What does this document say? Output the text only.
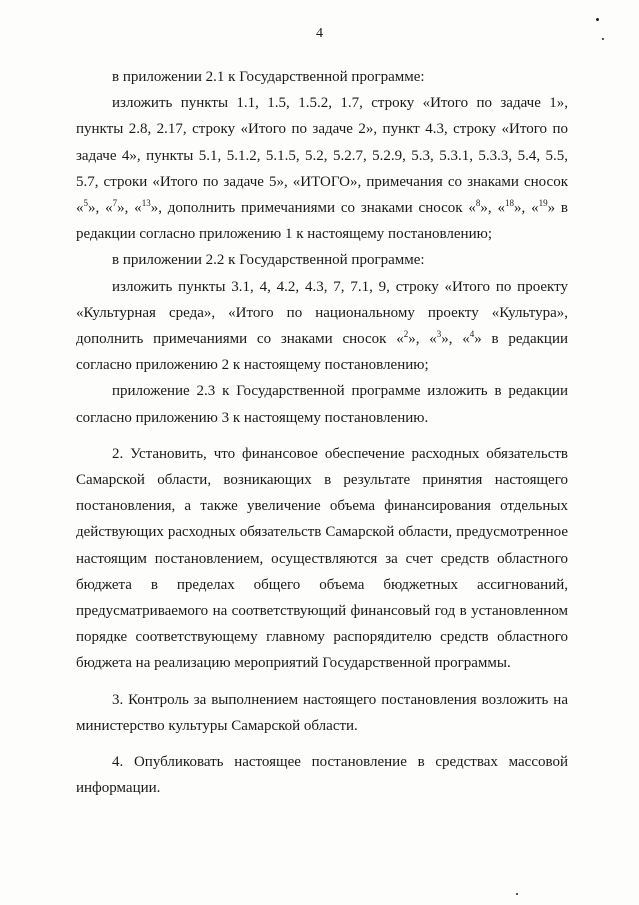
4

в приложении 2.1 к Государственной программе:

изложить пункты 1.1, 1.5, 1.5.2, 1.7, строку «Итого по задаче 1», пункты 2.8, 2.17, строку «Итого по задаче 2», пункт 4.3, строку «Итого по задаче 4», пункты 5.1, 5.1.2, 5.1.5, 5.2, 5.2.7, 5.2.9, 5.3, 5.3.1, 5.3.3, 5.4, 5.5, 5.7, строки «Итого по задаче 5», «ИТОГО», примечания со знаками сносок «$^5$», «$^7$», «$^{13}$», дополнить примечаниями со знаками сносок «$^8$», «$^{18}$», «$^{19}$» в редакции согласно приложению 1 к настоящему постановлению;

в приложении 2.2 к Государственной программе:

изложить пункты 3.1, 4, 4.2, 4.3, 7, 7.1, 9, строку «Итого по проекту «Культурная среда», «Итого по национальному проекту «Культура», дополнить примечаниями со знаками сносок «$^2$», «$^3$», «$^4$» в редакции согласно приложению 2 к настоящему постановлению;

приложение 2.3 к Государственной программе изложить в редакции согласно приложению 3 к настоящему постановлению.

2. Установить, что финансовое обеспечение расходных обязательств Самарской области, возникающих в результате принятия настоящего постановления, а также увеличение объема финансирования отдельных действующих расходных обязательств Самарской области, предусмотренное настоящим постановлением, осуществляются за счет средств областного бюджета в пределах общего объема бюджетных ассигнований, предусматриваемого на соответствующий финансовый год в установленном порядке соответствующему главному распорядителю средств областного бюджета на реализацию мероприятий Государственной программы.

3. Контроль за выполнением настоящего постановления возложить на министерство культуры Самарской области.

4. Опубликовать настоящее постановление в средствах массовой информации.
